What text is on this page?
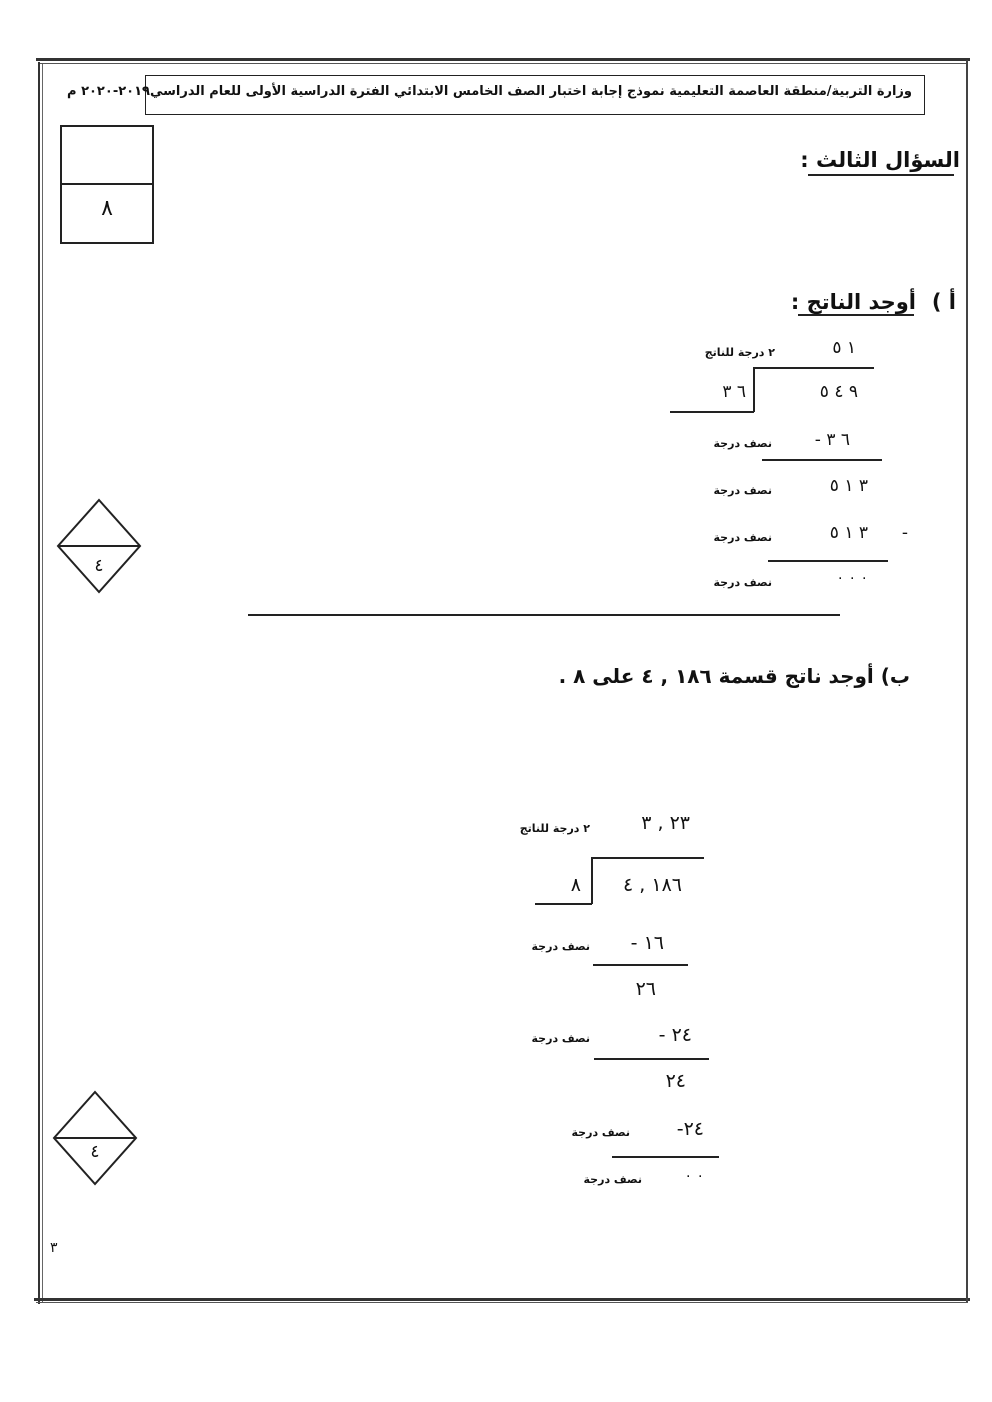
وزارة التربية/منطقة العاصمة التعليمية نموذج إجابة اختبار الصف الخامس الابتدائي الفترة الدراسية الأولى للعام الدراسي٢٠١٩-٢٠٢٠ م
٨
السؤال الثالث :
أ )
أوجد الناتج :
١ ٥
٢ درجة للناتج
٦ ٣	٩ ٤ ٥
- ٦ ٣
نصف درجة
٣ ١ ٥
نصف درجة
٣ ١ ٥	-
نصف درجة
٠ ٠ ٠
نصف درجة
٤
ب) أوجد ناتج قسمة ١٨٦ , ٤ على ٨ .
٢٣ , ٣
٢ درجة للناتج
٨	١٨٦ , ٤
- ١٦
نصف درجة
٢٦
- ٢٤
نصف درجة
٢٤
-٢٤
نصف درجة
٠ ٠
نصف درجة
٤
٣
